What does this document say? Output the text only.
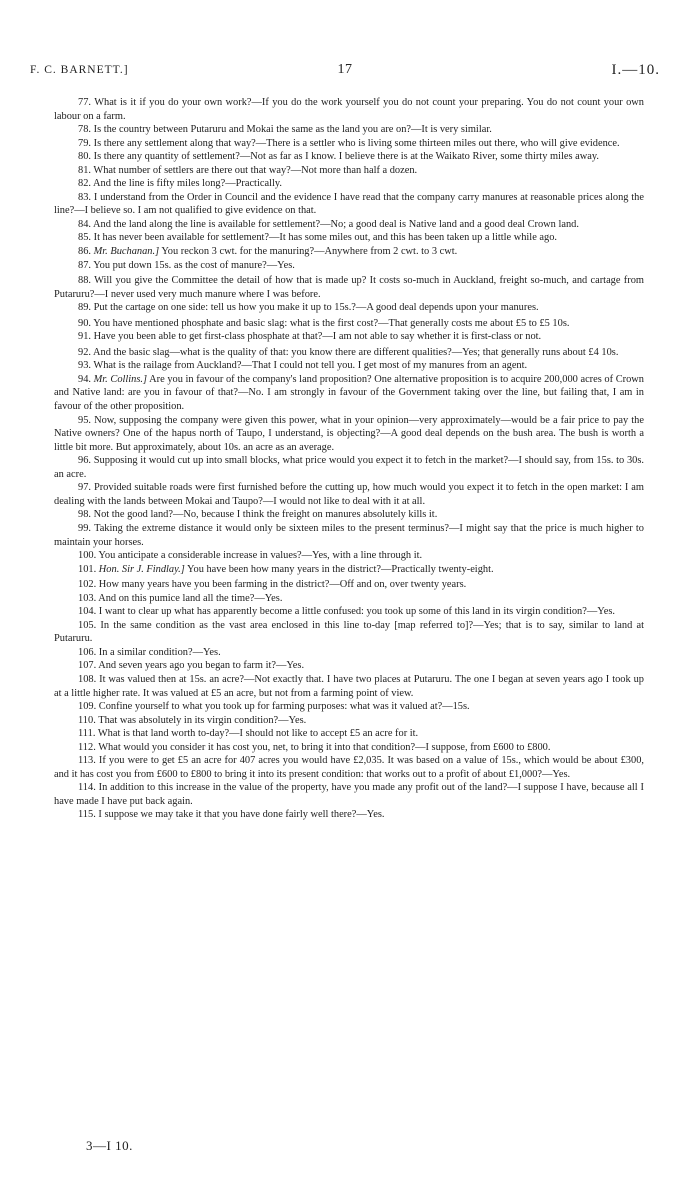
F. C. BARNETT.]	17	I.—10.

77. What is it if you do your own work?—If you do the work yourself you do not count your preparing. You do not count your own labour on a farm.

78. Is the country between Putaruru and Mokai the same as the land you are on?—It is very similar.

79. Is there any settlement along that way?—There is a settler who is living some thirteen miles out there, who will give evidence.

80. Is there any quantity of settlement?—Not as far as I know. I believe there is at the Waikato River, some thirty miles away.

81. What number of settlers are there out that way?—Not more than half a dozen.

82. And the line is fifty miles long?—Practically.

83. I understand from the Order in Council and the evidence I have read that the company carry manures at reasonable prices along the line?—I believe so. I am not qualified to give evidence on that.

84. And the land along the line is available for settlement?—No; a good deal is Native land and a good deal Crown land.

85. It has never been available for settlement?—It has some miles out, and this has been taken up a little while ago.

86. Mr. Buchanan.] You reckon 3 cwt. for the manuring?—Anywhere from 2 cwt. to 3 cwt.

87. You put down 15s. as the cost of manure?—Yes.

88. Will you give the Committee the detail of how that is made up? It costs so-much in Auckland, freight so-much, and cartage from Putaruru?—I never used very much manure where I was before.

89. Put the cartage on one side: tell us how you make it up to 15s.?—A good deal depends upon your manures.

90. You have mentioned phosphate and basic slag: what is the first cost?—That generally costs me about £5 to £5 10s.

91. Have you been able to get first-class phosphate at that?—I am not able to say whether it is first-class or not.

92. And the basic slag—what is the quality of that: you know there are different qualities?—Yes; that generally runs about £4 10s.

93. What is the railage from Auckland?—That I could not tell you. I get most of my manures from an agent.

94. Mr. Collins.] Are you in favour of the company's land proposition? One alternative proposition is to acquire 200,000 acres of Crown and Native land: are you in favour of that?—No. I am strongly in favour of the Government taking over the line, but failing that, I am in favour of the other proposition.

95. Now, supposing the company were given this power, what in your opinion—very approximately—would be a fair price to pay the Native owners? One of the hapus north of Taupo, I understand, is objecting?—A good deal depends on the bush area. The bush is worth a little bit more. But approximately, about 10s. an acre as an average.

96. Supposing it would cut up into small blocks, what price would you expect it to fetch in the market?—I should say, from 15s. to 30s. an acre.

97. Provided suitable roads were first furnished before the cutting up, how much would you expect it to fetch in the open market: I am dealing with the lands between Mokai and Taupo?—I would not like to deal with it at all.

98. Not the good land?—No, because I think the freight on manures absolutely kills it.

99. Taking the extreme distance it would only be sixteen miles to the present terminus?—I might say that the price is much higher to maintain your horses.

100. You anticipate a considerable increase in values?—Yes, with a line through it.

101. Hon. Sir J. Findlay.] You have been how many years in the district?—Practically twenty-eight.

102. How many years have you been farming in the district?—Off and on, over twenty years.

103. And on this pumice land all the time?—Yes.

104. I want to clear up what has apparently become a little confused: you took up some of this land in its virgin condition?—Yes.

105. In the same condition as the vast area enclosed in this line to-day [map referred to]?—Yes; that is to say, similar to land at Putaruru.

106. In a similar condition?—Yes.

107. And seven years ago you began to farm it?—Yes.

108. It was valued then at 15s. an acre?—Not exactly that. I have two places at Putaruru. The one I began at seven years ago I took up at a little higher rate. It was valued at £5 an acre, but not from a farming point of view.

109. Confine yourself to what you took up for farming purposes: what was it valued at?—15s.

110. That was absolutely in its virgin condition?—Yes.

111. What is that land worth to-day?—I should not like to accept £5 an acre for it.

112. What would you consider it has cost you, net, to bring it into that condition?—I suppose, from £600 to £800.

113. If you were to get £5 an acre for 407 acres you would have £2,035. It was based on a value of 15s., which would be about £300, and it has cost you from £600 to £800 to bring it into its present condition: that works out to a profit of about £1,000?—Yes.

114. In addition to this increase in the value of the property, have you made any profit out of the land?—I suppose I have, because all I have made I have put back again.

115. I suppose we may take it that you have done fairly well there?—Yes.

3—I 10.
